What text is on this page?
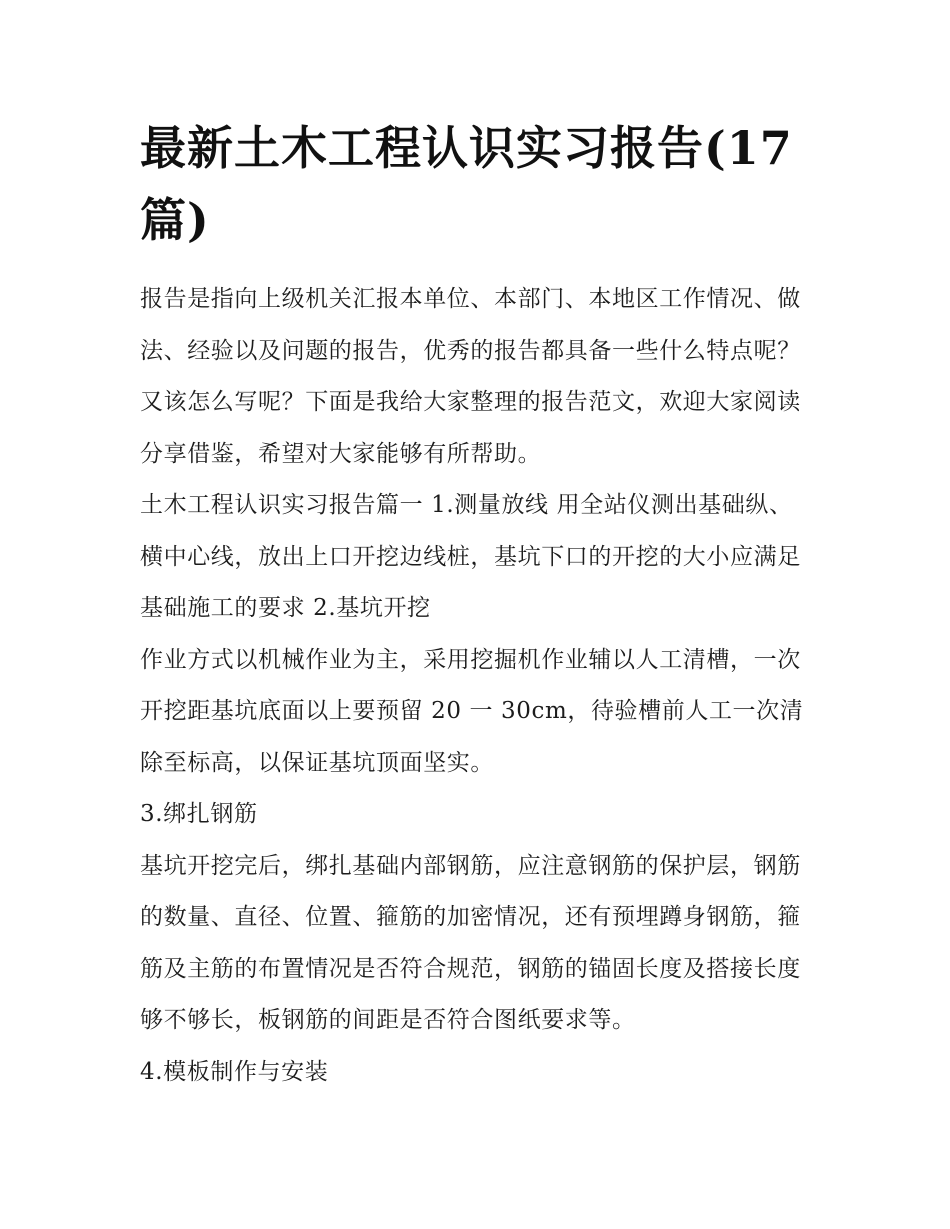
最新土木工程认识实习报告(17篇)

报告是指向上级机关汇报本单位、本部门、本地区工作情况、做法、经验以及问题的报告，优秀的报告都具备一些什么特点呢？又该怎么写呢？下面是我给大家整理的报告范文，欢迎大家阅读分享借鉴，希望对大家能够有所帮助。

土木工程认识实习报告篇一 1.测量放线 用全站仪测出基础纵、横中心线，放出上口开挖边线桩，基坑下口的开挖的大小应满足基础施工的要求 2.基坑开挖

作业方式以机械作业为主，采用挖掘机作业辅以人工清槽，一次开挖距基坑底面以上要预留 20 一 30cm，待验槽前人工一次清除至标高，以保证基坑顶面坚实。

3.绑扎钢筋

基坑开挖完后，绑扎基础内部钢筋，应注意钢筋的保护层，钢筋的数量、直径、位置、箍筋的加密情况，还有预埋蹲身钢筋，箍筋及主筋的布置情况是否符合规范，钢筋的锚固长度及搭接长度够不够长，板钢筋的间距是否符合图纸要求等。

4.模板制作与安装
